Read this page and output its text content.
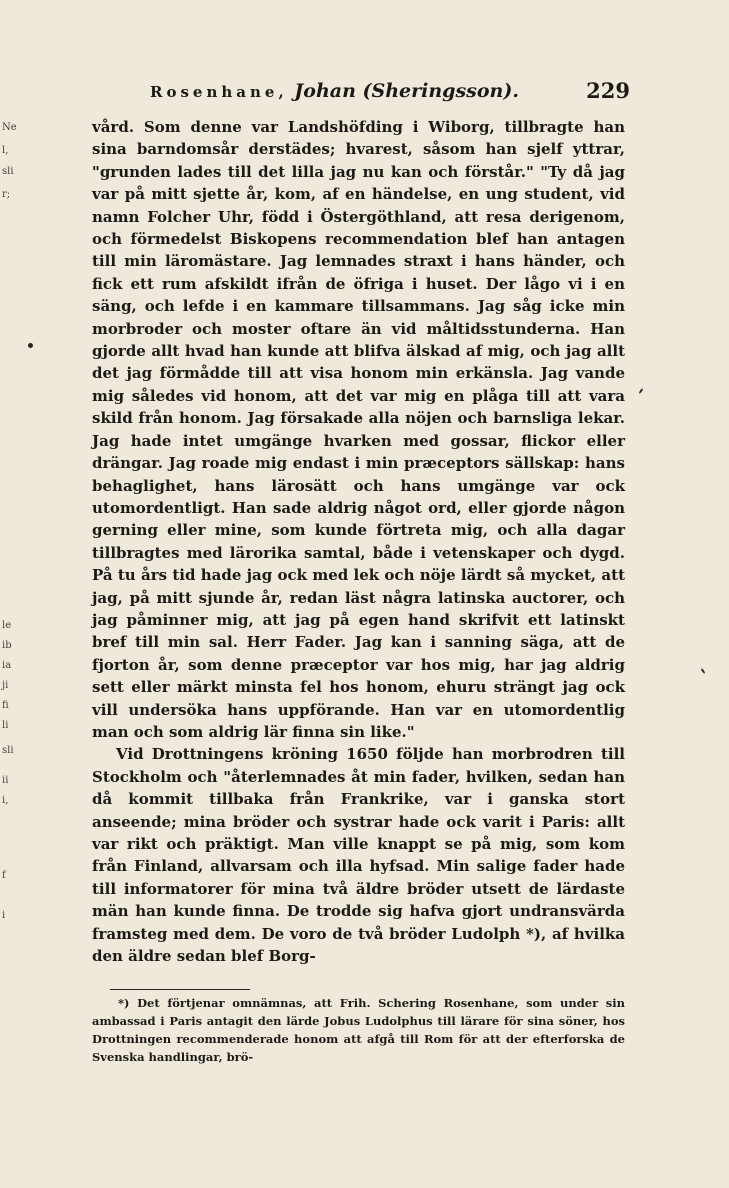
Ne
l,
sli
r;
le
ib
ia
ji
fi
li
sli
ii
i,
f
i
Rosenhane, Johan (Sheringsson).	229

vård. Som denne var Landshöfding i Wiborg, tillbragte han sina barndomsår derstädes; hvarest, såsom han sjelf yttrar, "grunden lades till det lilla jag nu kan och förstår." "Ty då jag var på mitt sjette år, kom, af en händelse, en ung student, vid namn Folcher Uhr, född i Östergöthland, att resa derigenom, och förmedelst Biskopens recommendation blef han antagen till min läromästare. Jag lemnades straxt i hans händer, och fick ett rum afskildt ifrån de öfriga i huset. Der lågo vi i en säng, och lefde i en kammare tillsammans. Jag såg icke min morbroder och moster oftare än vid måltidsstunderna. Han gjorde allt hvad han kunde att blifva älskad af mig, och jag allt det jag förmådde till att visa honom min erkänsla. Jag vande mig således vid honom, att det var mig en plåga till att vara skild från honom. Jag försakade alla nöjen och barnsliga lekar. Jag hade intet umgänge hvarken med gossar, flickor eller drängar. Jag roade mig endast i min præceptors sällskap: hans behaglighet, hans lärosätt och hans umgänge var ock utomordentligt. Han sade aldrig något ord, eller gjorde någon gerning eller mine, som kunde förtreta mig, och alla dagar tillbragtes med lärorika samtal, både i vetenskaper och dygd. På tu års tid hade jag ock med lek och nöje lärdt så mycket, att jag, på mitt sjunde år, redan läst några latinska auctorer, och jag påminner mig, att jag på egen hand skrifvit ett latinskt bref till min sal. Herr Fader. Jag kan i sanning säga, att de fjorton år, som denne præceptor var hos mig, har jag aldrig sett eller märkt minsta fel hos honom, ehuru strängt jag ock vill undersöka hans uppförande. Han var en utomordentlig man och som aldrig lär finna sin like."

Vid Drottningens kröning 1650 följde han morbrodren till Stockholm och "återlemnades åt min fader, hvilken, sedan han då kommit tillbaka från Frankrike, var i ganska stort anseende; mina bröder och systrar hade ock varit i Paris: allt var rikt och präktigt. Man ville knappt se på mig, som kom från Finland, allvarsam och illa hyfsad. Min salige fader hade till informatorer för mina två äldre bröder utsett de lärdaste män han kunde finna. De trodde sig hafva gjort undransvärda framsteg med dem. De voro de två bröder Ludolph *), af hvilka den äldre sedan blef Borg-

*) Det förtjenar omnämnas, att Frih. Schering Rosenhane, som under sin ambassad i Paris antagit den lärde Jobus Ludolphus till lärare för sina söner, hos Drottningen recommenderade honom att afgå till Rom för att der efterforska de Svenska handlingar, brö-
